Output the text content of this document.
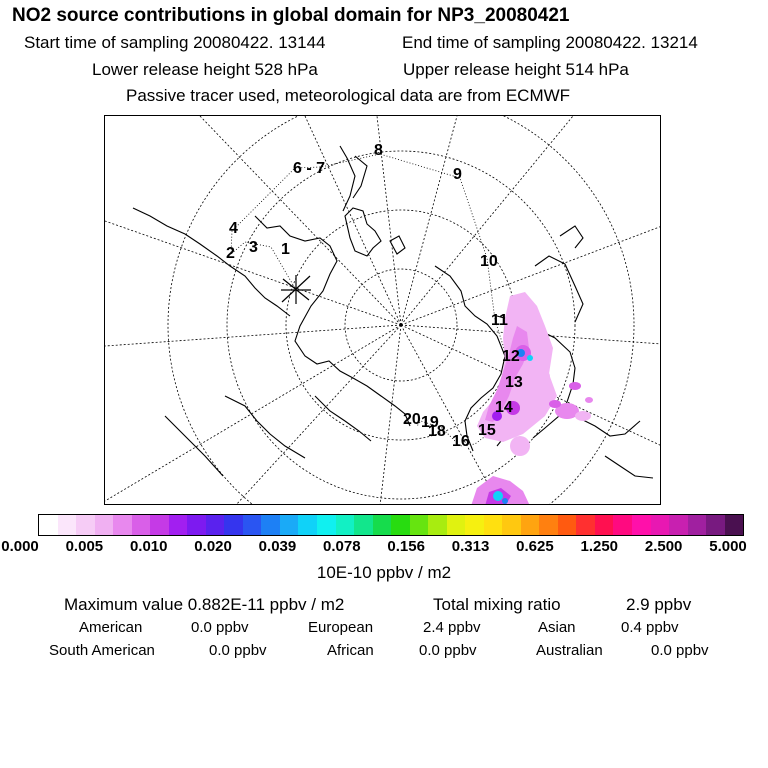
NO2 source contributions in global domain for NP3_20080421
Start time of sampling 20080422. 13144	End time of sampling 20080422. 13214
Lower release height 528 hPa	Upper release height 514 hPa
Passive tracer used, meteorological data are from ECMWF
1
2 3
4
6 - 7
8
9
10
11
12
13
14
15
16
18
19
20
0.000 0.005 0.010 0.020 0.039 0.078 0.156 0.313 0.625 1.250 2.500 5.000
10E-10 ppbv / m2
Maximum value 0.882E-11 ppbv / m2	Total mixing ratio	2.9 ppbv
American	0.0 ppbv	European	2.4 ppbv	Asian	0.4 ppbv
South American	0.0 ppbv	African	0.0 ppbv	Australian	0.0 ppbv
